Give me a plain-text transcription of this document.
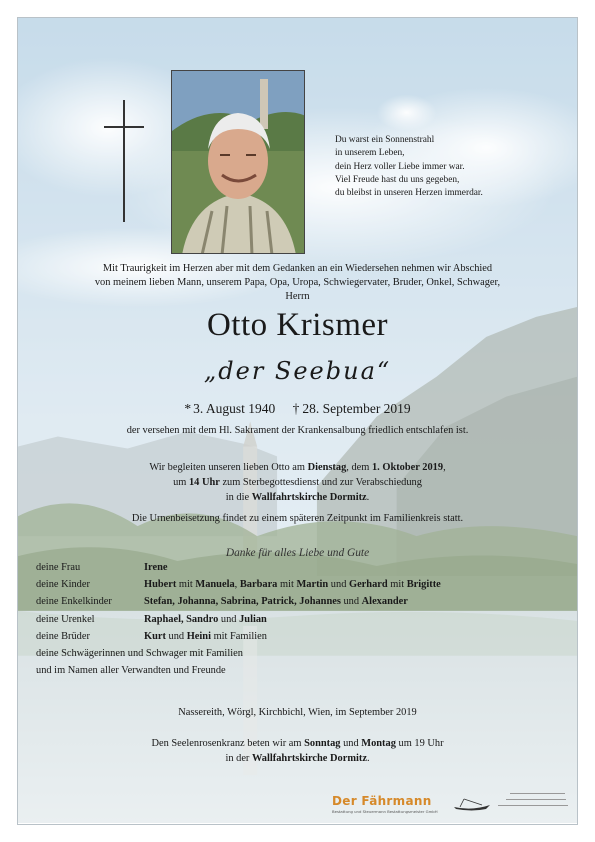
Du warst ein Sonnenstrahl
in unserem Leben,
dein Herz voller Liebe immer war.
Viel Freude hast du uns gegeben,
du bleibst in unseren Herzen immerdar.
Mit Traurigkeit im Herzen aber mit dem Gedanken an ein Wiedersehen nehmen wir Abschied
von meinem lieben Mann, unserem Papa, Opa, Uropa, Schwiegervater, Bruder, Onkel, Schwager,
Herrn
Otto Krismer
„der Seebua“
* 3. August 1940 † 28. September 2019
der versehen mit dem Hl. Sakrament der Krankensalbung friedlich entschlafen ist.
Wir begleiten unseren lieben Otto am Dienstag, dem 1. Oktober 2019,
um 14 Uhr zum Sterbegottesdienst und zur Verabschiedung
in die Wallfahrtskirche Dormitz.
Die Urnenbeisetzung findet zu einem späteren Zeitpunkt im Familienkreis statt.
Danke für alles Liebe und Gute
deine Frau	Irene
deine Kinder	Hubert mit Manuela, Barbara mit Martin und Gerhard mit Brigitte
deine Enkelkinder	Stefan, Johanna, Sabrina, Patrick, Johannes und Alexander
deine Urenkel	Raphael, Sandro und Julian
deine Brüder	Kurt und Heini mit Familien
deine Schwägerinnen und Schwager mit Familien
und im Namen aller Verwandten und Freunde
Nassereith, Wörgl, Kirchbichl, Wien, im September 2019
Den Seelenrosenkranz beten wir am Sonntag und Montag um 19 Uhr
in der Wallfahrtskirche Dormitz.
Der Fährmann
Bestattung und Steuermann Bestattungsmeister GmbH
